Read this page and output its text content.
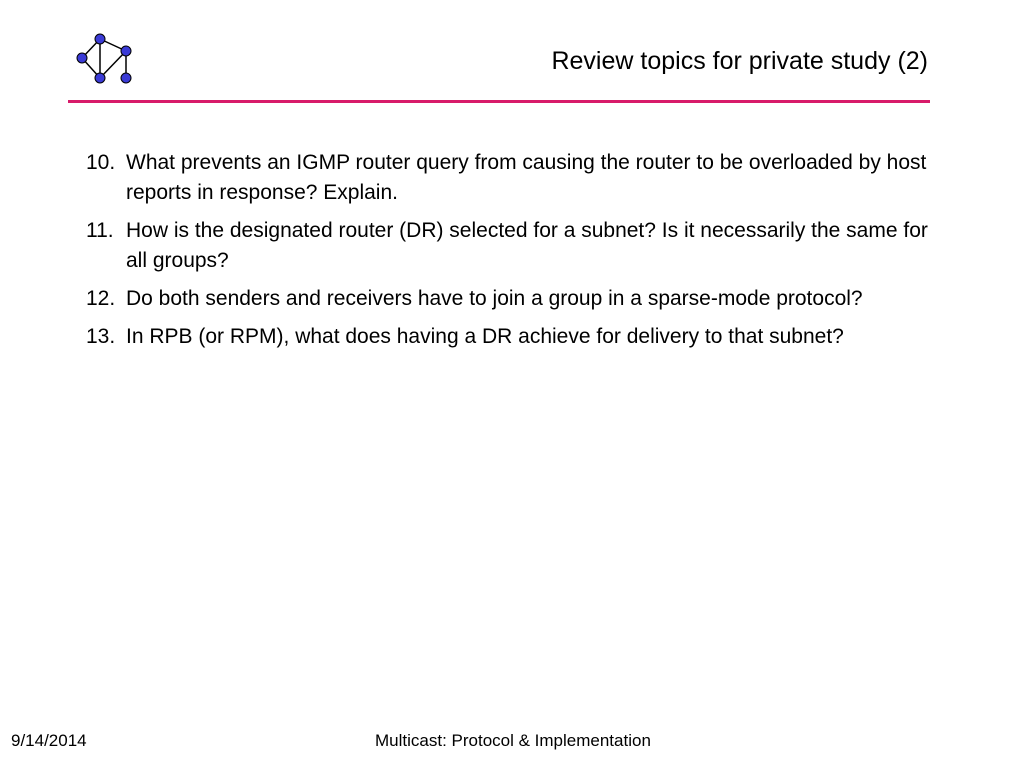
Review topics for private study (2)
10. What prevents an IGMP router query from causing the router to be overloaded by host reports in response? Explain.
11. How is the designated router (DR) selected for a subnet? Is it necessarily the same for all groups?
12. Do both senders and receivers have to join a group in a sparse-mode protocol?
13. In RPB (or RPM), what does having a DR achieve for delivery to that subnet?
9/14/2014	Multicast: Protocol & Implementation
